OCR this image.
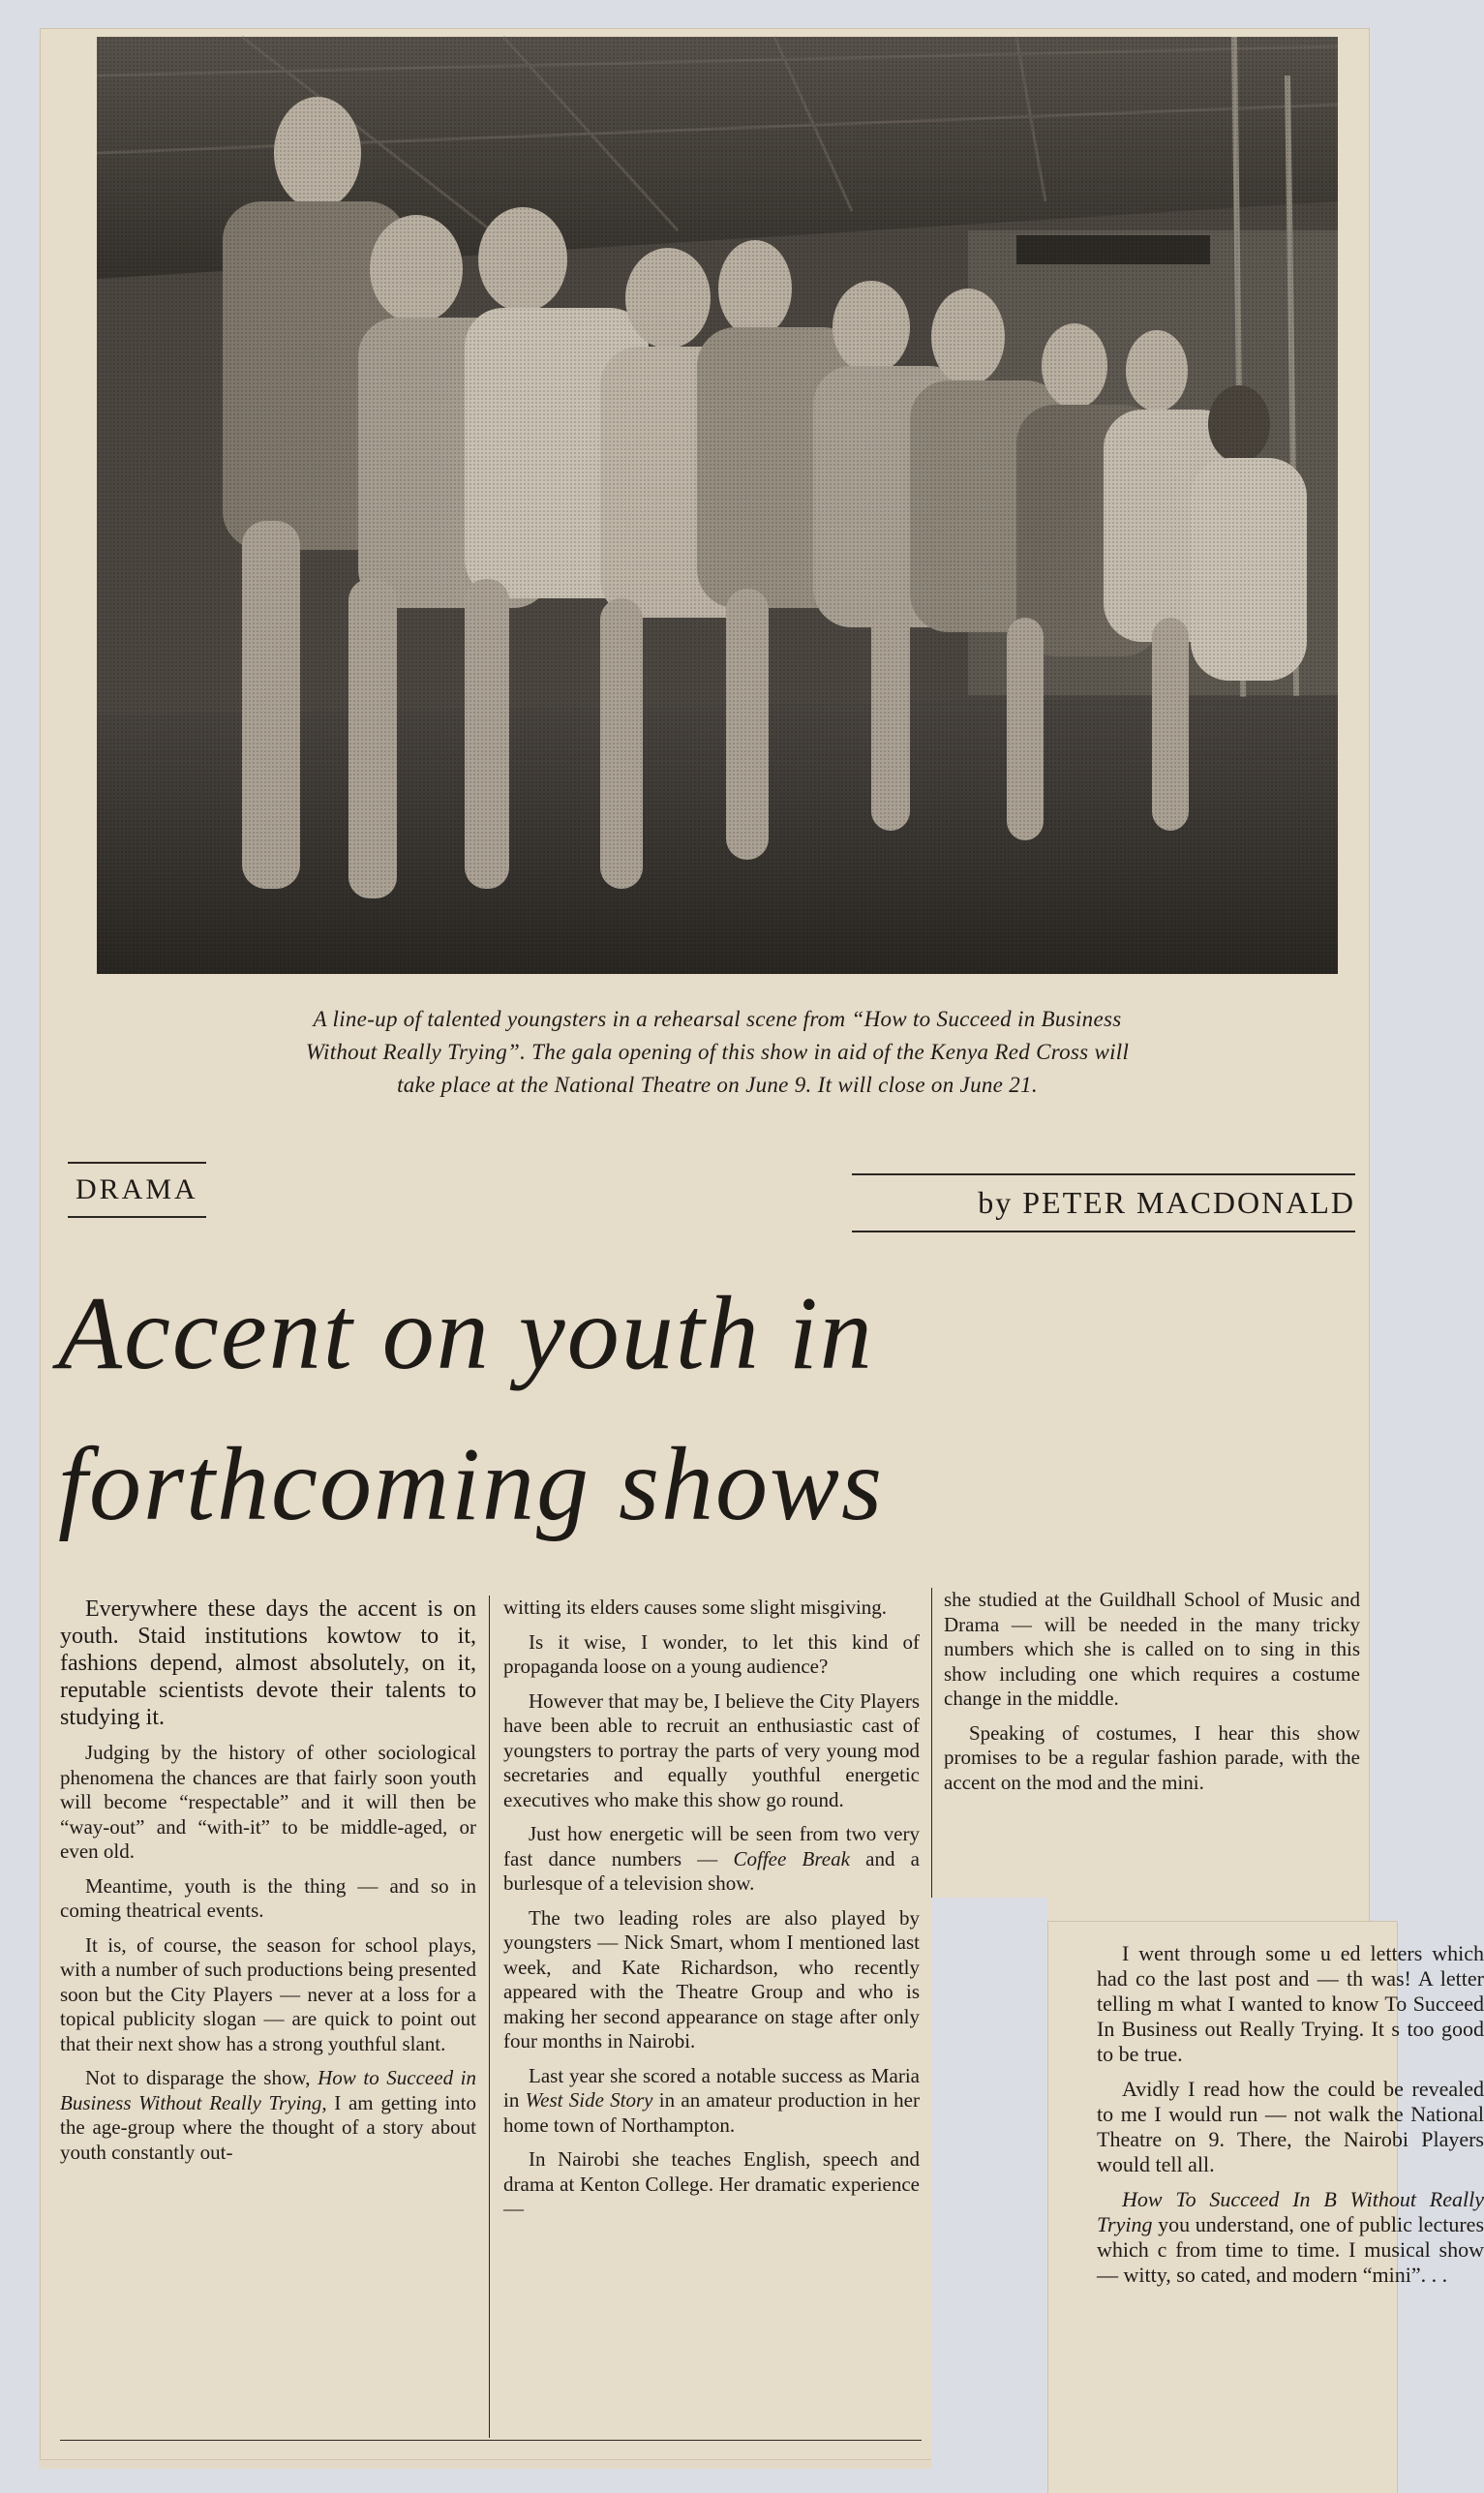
A line-up of talented youngsters in a rehearsal scene from “How to Succeed in Business
Without Really Trying”. The gala opening of this show in aid of the Kenya Red Cross will
take place at the National Theatre on June 9. It will close on June 21.
DRAMA	by PETER MACDONALD
Accent on youth in
forthcoming shows

Everywhere these days the accent is on youth. Staid institutions kowtow to it, fashions depend, almost absolutely, on it, reputable scientists devote their talents to studying it.

Judging by the history of other sociological phenomena the chances are that fairly soon youth will become “respectable” and it will then be “way-out” and “with-it” to be middle-aged, or even old.

Meantime, youth is the thing — and so in coming theatrical events.

It is, of course, the season for school plays, with a number of such productions being presented soon but the City Players — never at a loss for a topical publicity slogan — are quick to point out that their next show has a strong youthful slant.

Not to disparage the show, How to Succeed in Business Without Really Trying, I am getting into the age-group where the thought of a story about youth constantly out-

witting its elders causes some slight misgiving.

Is it wise, I wonder, to let this kind of propaganda loose on a young audience?

However that may be, I believe the City Players have been able to recruit an enthusiastic cast of youngsters to portray the parts of very young mod secretaries and equally youthful energetic executives who make this show go round.

Just how energetic will be seen from two very fast dance numbers — Coffee Break and a burlesque of a television show.

The two leading roles are also played by youngsters — Nick Smart, whom I mentioned last week, and Kate Richardson, who recently appeared with the Theatre Group and who is making her second appearance on stage after only four months in Nairobi.

Last year she scored a notable success as Maria in West Side Story in an amateur production in her home town of Northampton.

In Nairobi she teaches English, speech and drama at Kenton College. Her dramatic experience —

she studied at the Guildhall School of Music and Drama — will be needed in the many tricky numbers which she is called on to sing in this show including one which requires a costume change in the middle.

Speaking of costumes, I hear this show promises to be a regular fashion parade, with the accent on the mod and the mini.

I went through some u ed letters which had co the last post and — th was! A letter telling m what I wanted to know To Succeed In Business out Really Trying. It s too good to be true.

Avidly I read how the could be revealed to me I would run — not walk the National Theatre on 9. There, the Nairobi Players would tell all.

How To Succeed In B Without Really Trying you understand, one of public lectures which c from time to time. I musical show — witty, so cated, and modern “mini”. . .
